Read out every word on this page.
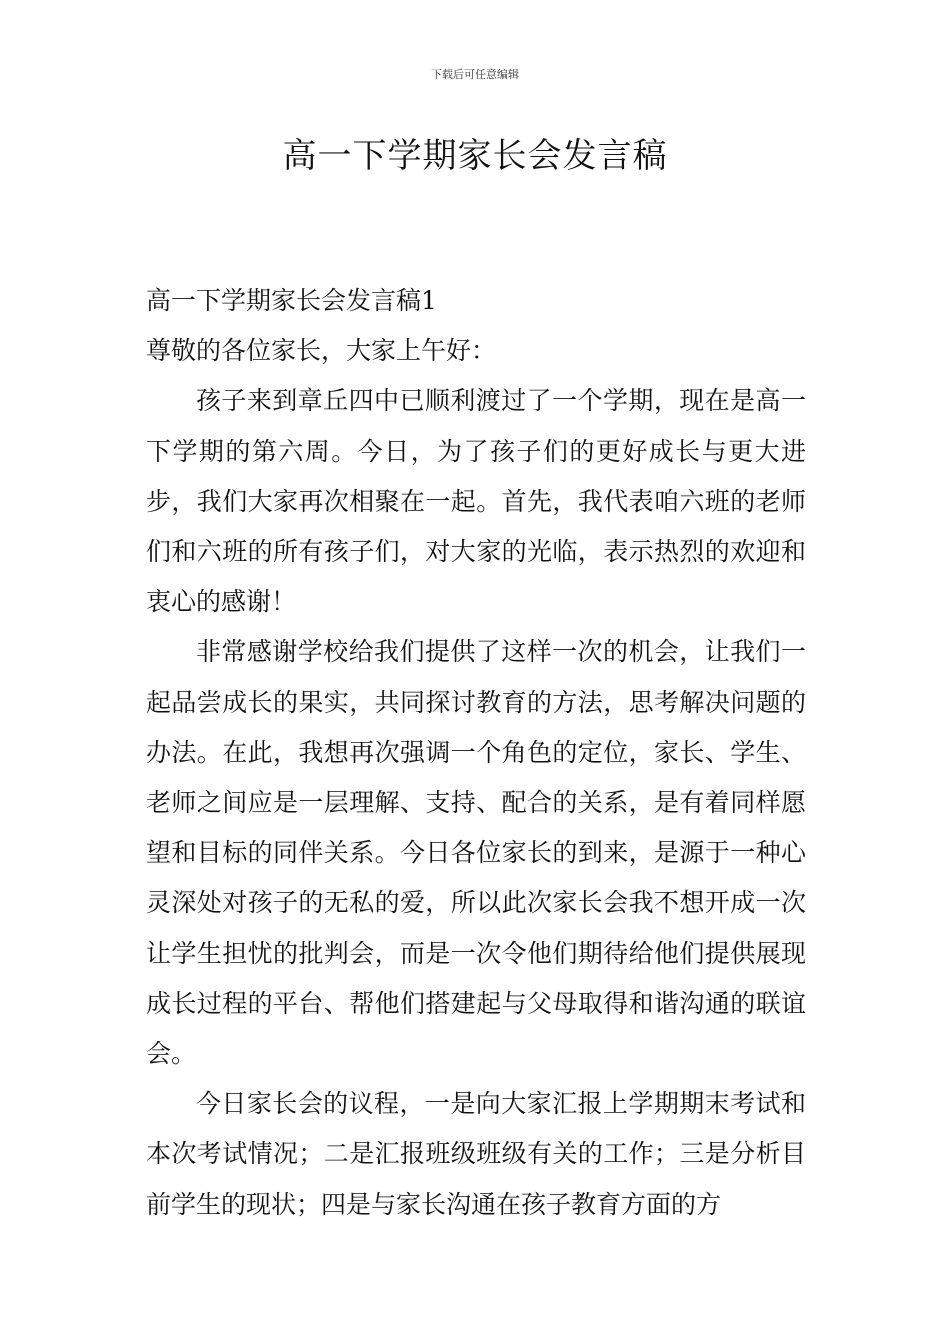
下载后可任意编辑
高一下学期家长会发言稿

高一下学期家长会发言稿1

尊敬的各位家长，大家上午好：

孩子来到章丘四中已顺利渡过了一个学期，现在是高一下学期的第六周。今日，为了孩子们的更好成长与更大进步，我们大家再次相聚在一起。首先，我代表咱六班的老师们和六班的所有孩子们，对大家的光临，表示热烈的欢迎和衷心的感谢！

非常感谢学校给我们提供了这样一次的机会，让我们一起品尝成长的果实，共同探讨教育的方法，思考解决问题的办法。在此，我想再次强调一个角色的定位，家长、学生、老师之间应是一层理解、支持、配合的关系，是有着同样愿望和目标的同伴关系。今日各位家长的到来，是源于一种心灵深处对孩子的无私的爱，所以此次家长会我不想开成一次让学生担忧的批判会，而是一次令他们期待给他们提供展现成长过程的平台、帮他们搭建起与父母取得和谐沟通的联谊会。

今日家长会的议程，一是向大家汇报上学期期末考试和本次考试情况；二是汇报班级班级有关的工作；三是分析目前学生的现状；四是与家长沟通在孩子教育方面的方
